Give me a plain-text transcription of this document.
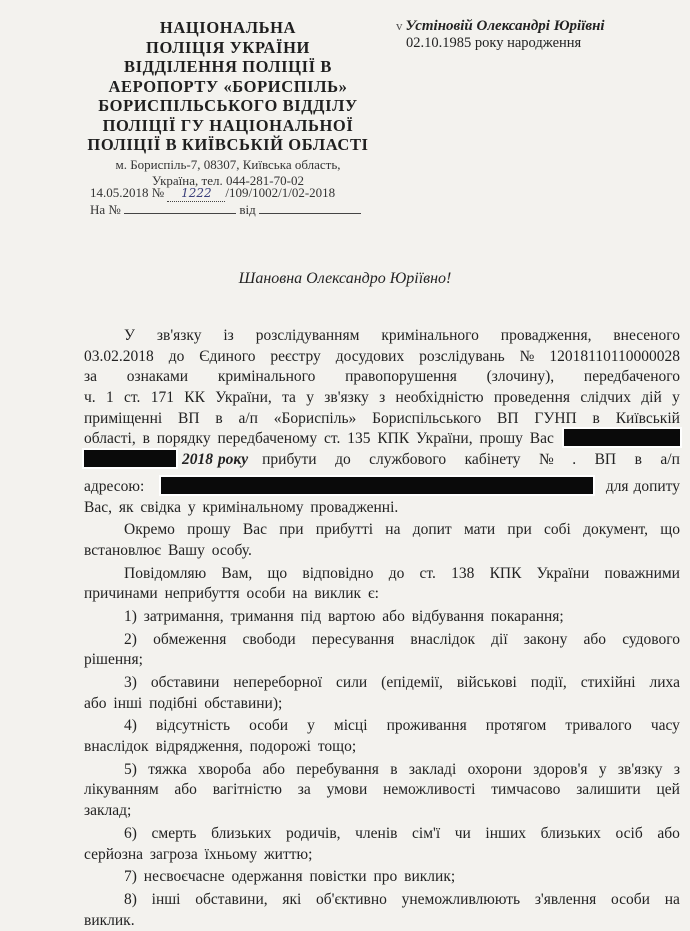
НАЦІОНАЛЬНА
ПОЛІЦІЯ УКРАЇНИ
ВІДДІЛЕННЯ ПОЛІЦІЇ В
АЕРОПОРТУ «БОРИСПІЛЬ»
БОРИСПІЛЬСЬКОГО ВІДДІЛУ
ПОЛІЦІЇ ГУ НАЦІОНАЛЬНОЇ
ПОЛІЦІЇ В КИЇВСЬКІЙ ОБЛАСТІ
м. Бориспіль-7, 08307, Київська область,
Україна, тел. 044-281-70-02
14.05.2018 № 1222 /109/1002/1/02-2018
На №	від
v Устіновій Олександрі Юріївні
02.10.1985 року народження
Шановна Олександро Юріївно!
У зв'язку із розслідуванням кримінального провадження, внесеного
03.02.2018 до Єдиного реєстру досудових розслідувань № 12018110110000028
за ознаками кримінального правопорушення (злочину), передбаченого
ч. 1 ст. 171 КК України, та у зв'язку з необхідністю проведення слідчих дій у
приміщенні ВП в а/п «Бориспіль» Бориспільського ВП ГУНП в Київській
області, в порядку передбаченому ст. 135 КПК України, прошу Вас
2018 року прибути до службового кабінету № . ВП в а/п
адресою:	для допиту
Вас, як свідка у кримінальному провадженні.
Окремо прошу Вас при прибутті на допит мати при собі документ, що
встановлює Вашу особу.
Повідомляю Вам, що відповідно до ст. 138 КПК України поважними
причинами неприбуття особи на виклик є:
1) затримання, тримання під вартою або відбування покарання;
2) обмеження свободи пересування внаслідок дії закону або судового
рішення;
3) обставини непереборної сили (епідемії, військові події, стихійні лиха
або інші подібні обставини);
4) відсутність особи у місці проживання протягом тривалого часу
внаслідок відрядження, подорожі тощо;
5) тяжка хвороба або перебування в закладі охорони здоров'я у зв'язку з
лікуванням або вагітністю за умови неможливості тимчасово залишити цей
заклад;
6) смерть близьких родичів, членів сім'ї чи інших близьких осіб або
серйозна загроза їхньому життю;
7) несвоєчасне одержання повістки про виклик;
8) інші обставини, які об'єктивно унеможливлюють з'явлення особи на
виклик.
